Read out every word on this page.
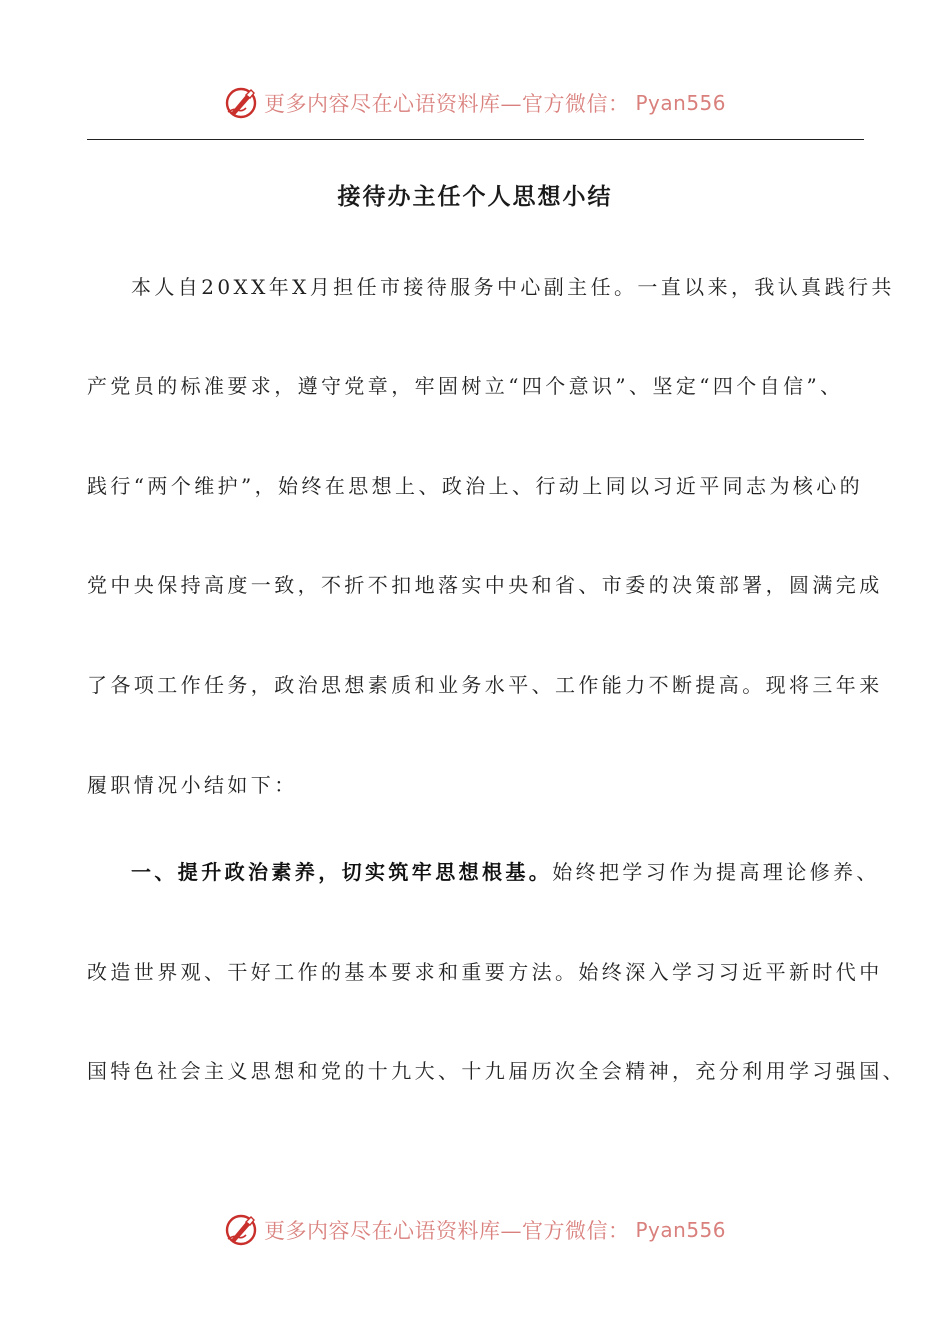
更多内容尽在心语资料库—官方微信： Pyan556
接待办主任个人思想小结
本人自20XX年X月担任市接待服务中心副主任。一直以来，我认真践行共
产党员的标准要求，遵守党章，牢固树立“四个意识”、坚定“四个自信”、
践行“两个维护”，始终在思想上、政治上、行动上同以习近平同志为核心的
党中央保持高度一致，不折不扣地落实中央和省、市委的决策部署，圆满完成
了各项工作任务，政治思想素质和业务水平、工作能力不断提高。现将三年来
履职情况小结如下：
一、提升政治素养，切实筑牢思想根基。始终把学习作为提高理论修养、
改造世界观、干好工作的基本要求和重要方法。始终深入学习习近平新时代中
国特色社会主义思想和党的十九大、十九届历次全会精神，充分利用学习强国、
更多内容尽在心语资料库—官方微信： Pyan556
